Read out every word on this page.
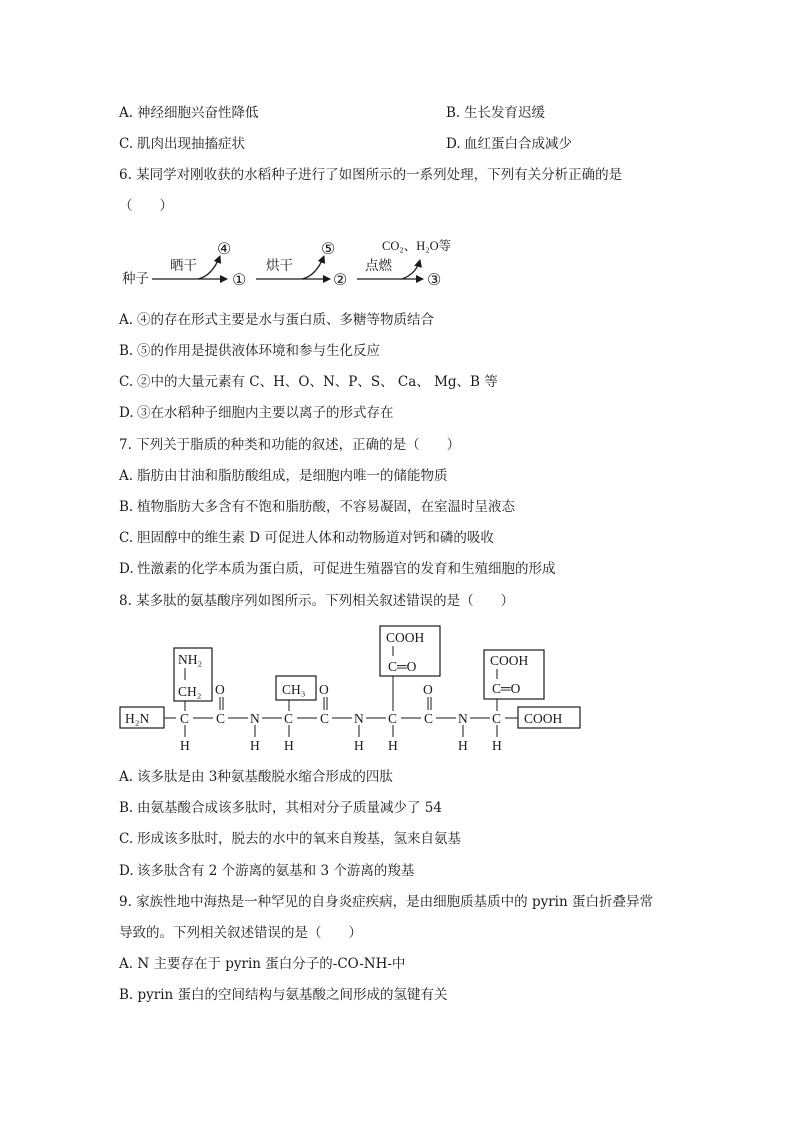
A. 神经细胞兴奋性降低	B. 生长发育迟缓
C. 肌肉出现抽搐症状	D. 血红蛋白合成减少
6. 某同学对刚收获的水稻种子进行了如图所示的一系列处理，下列有关分析正确的是
（　　）
种子
晒干
④
①
烘干
⑤
②
点燃
CO₂、H₂O等
③
A. ④的存在形式主要是水与蛋白质、多糖等物质结合
B. ⑤的作用是提供液体环境和参与生化反应
C. ②中的大量元素有 C、H、O、N、P、S、 Ca、 Mg、B 等
D. ③在水稻种子细胞内主要以离子的形式存在
7. 下列关于脂质的种类和功能的叙述，正确的是（　　）
A. 脂肪由甘油和脂肪酸组成，是细胞内唯一的储能物质
B. 植物脂肪大多含有不饱和脂肪酸，不容易凝固，在室温时呈液态
C. 胆固醇中的维生素 D 可促进人体和动物肠道对钙和磷的吸收
D. 性激素的化学本质为蛋白质，可促进生殖器官的发育和生殖细胞的形成
8. 某多肽的氨基酸序列如图所示。下列相关叙述错误的是（　　）
H₂N C
H
NH₂
CH₂
C
O
N
H
C
H
CH₃
C
O
N
H
C
H
COOH
C═O
C
O
N
H
C
H
COOH
C═O
COOH
A. 该多肽是由 3种氨基酸脱水缩合形成的四肽
B. 由氨基酸合成该多肽时，其相对分子质量减少了 54
C. 形成该多肽时，脱去的水中的氧来自羧基，氢来自氨基
D. 该多肽含有 2 个游离的氨基和 3 个游离的羧基
9. 家族性地中海热是一种罕见的自身炎症疾病，是由细胞质基质中的 pyrin 蛋白折叠异常
导致的。下列相关叙述错误的是（　　）
A. N 主要存在于 pyrin 蛋白分子的-CO-NH-中
B. pyrin 蛋白的空间结构与氨基酸之间形成的氢键有关
